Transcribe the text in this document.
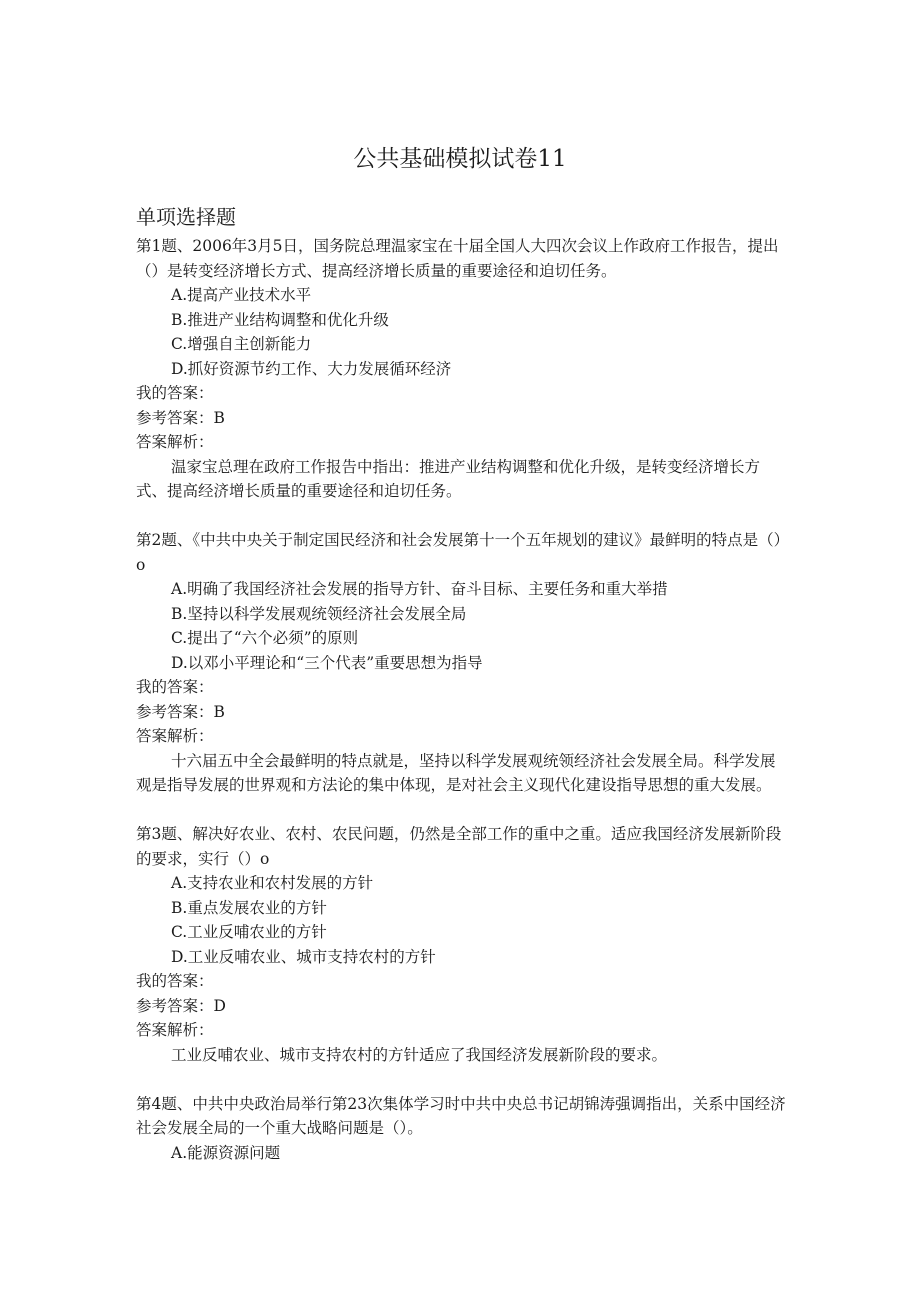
公共基础模拟试卷11
单项选择题

第1题、2006年3月5日，国务院总理温家宝在十届全国人大四次会议上作政府工作报告，提出（）是转变经济增长方式、提高经济增长质量的重要途径和迫切任务。

A.提高产业技术水平
B.推进产业结构调整和优化升级
C.增强自主创新能力
D.抓好资源节约工作、大力发展循环经济

我的答案：

参考答案：B

答案解析：

温家宝总理在政府工作报告中指出：推进产业结构调整和优化升级，是转变经济增长方式、提高经济增长质量的重要途径和迫切任务。

第2题、《中共中央关于制定国民经济和社会发展第十一个五年规划的建议》最鲜明的特点是（）o

A.明确了我国经济社会发展的指导方针、奋斗目标、主要任务和重大举措
B.坚持以科学发展观统领经济社会发展全局
C.提出了“六个必须”的原则
D.以邓小平理论和“三个代表”重要思想为指导

我的答案：

参考答案：B

答案解析：

十六届五中全会最鲜明的特点就是，坚持以科学发展观统领经济社会发展全局。科学发展观是指导发展的世界观和方法论的集中体现，是对社会主义现代化建设指导思想的重大发展。

第3题、解决好农业、农村、农民问题，仍然是全部工作的重中之重。适应我国经济发展新阶段的要求，实行（）o

A.支持农业和农村发展的方针
B.重点发展农业的方针
C.工业反哺农业的方针
D.工业反哺农业、城市支持农村的方针

我的答案：

参考答案：D

答案解析：

工业反哺农业、城市支持农村的方针适应了我国经济发展新阶段的要求。

第4题、中共中央政治局举行第23次集体学习时中共中央总书记胡锦涛强调指出，关系中国经济社会发展全局的一个重大战略问题是（）。

A.能源资源问题
